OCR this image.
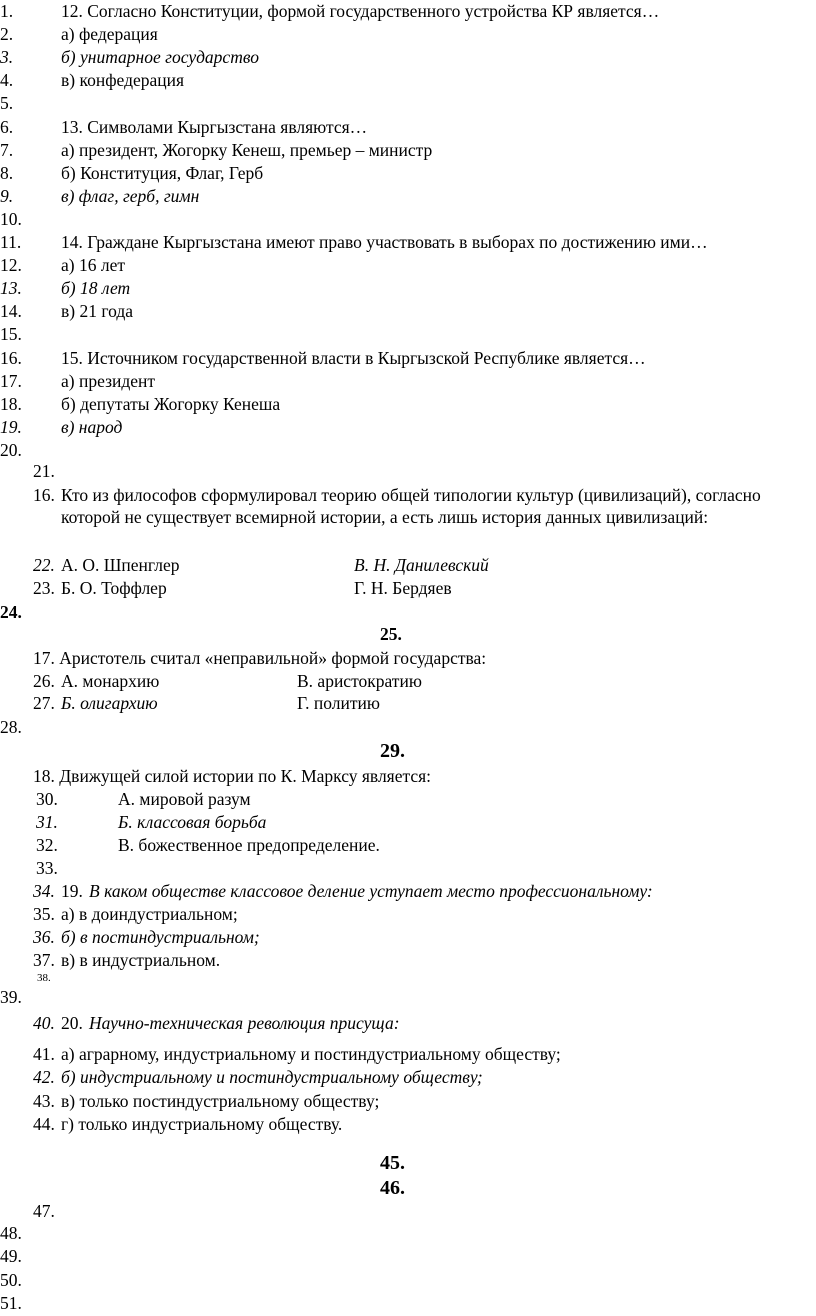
1.	12. Согласно Конституции, формой государственного устройства КР является…
2.	а) федерация
3.	б) унитарное государство
4.	в) конфедерация
5.
6.	13. Символами Кыргызстана являются…
7.	а) президент, Жогорку Кенеш, премьер – министр
8.	б) Конституция, Флаг, Герб
9.	в) флаг, герб, гимн
10.
11. 14. Граждане Кыргызстана имеют право участвовать в выборах по достижению ими…
12. а) 16 лет
13. б) 18 лет
14. в) 21 года
15.
16. 15. Источником государственной власти в Кыргызской Республике является…
17. а) президент
18. б) депутаты Жогорку Кенеша
19. в) народ
20.
21.
16. Кто из философов сформулировал теорию общей типологии культур (цивилизаций), согласно которой не существует всемирной истории, а есть лишь история данных цивилизаций:
22. А. О. Шпенглер	В. Н. Данилевский
23. Б. О. Тоффлер	Г. Н. Бердяев
24.
25.
17. Аристотель считал «неправильной» формой государства:
26. А. монархию	В. аристократию
27. Б. олигархию	Г. политию
28.
29.
18. Движущей силой истории по К. Марксу является:
30.	А. мировой разум
31.	Б. классовая борьба
32.	В. божественное предопределение.
33.
34. 19. В каком обществе классовое деление уступает место профессиональному:
35. а) в доиндустриальном;
36. б) в постиндустриальном;
37. в) в индустриальном.
38.
39.
40. 20. Научно-техническая революция присуща:
41. а) аграрному, индустриальному и постиндустриальному обществу;
42. б) индустриальному и постиндустриальному обществу;
43. в) только постиндустриальному обществу;
44. г) только индустриальному обществу.
45.
46.
47.
48.
49.
50.
51.
